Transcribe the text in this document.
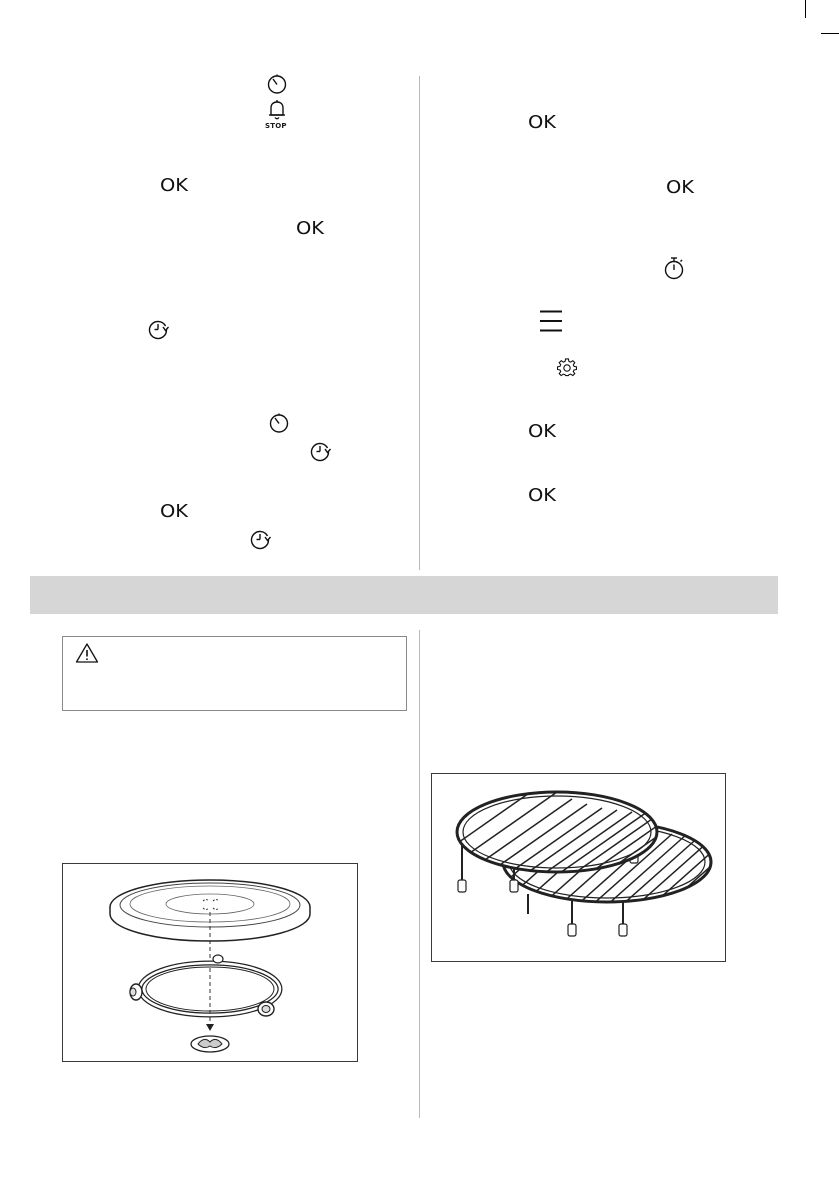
STOP
OK
OK
OK
OK
OK
OK
OK
